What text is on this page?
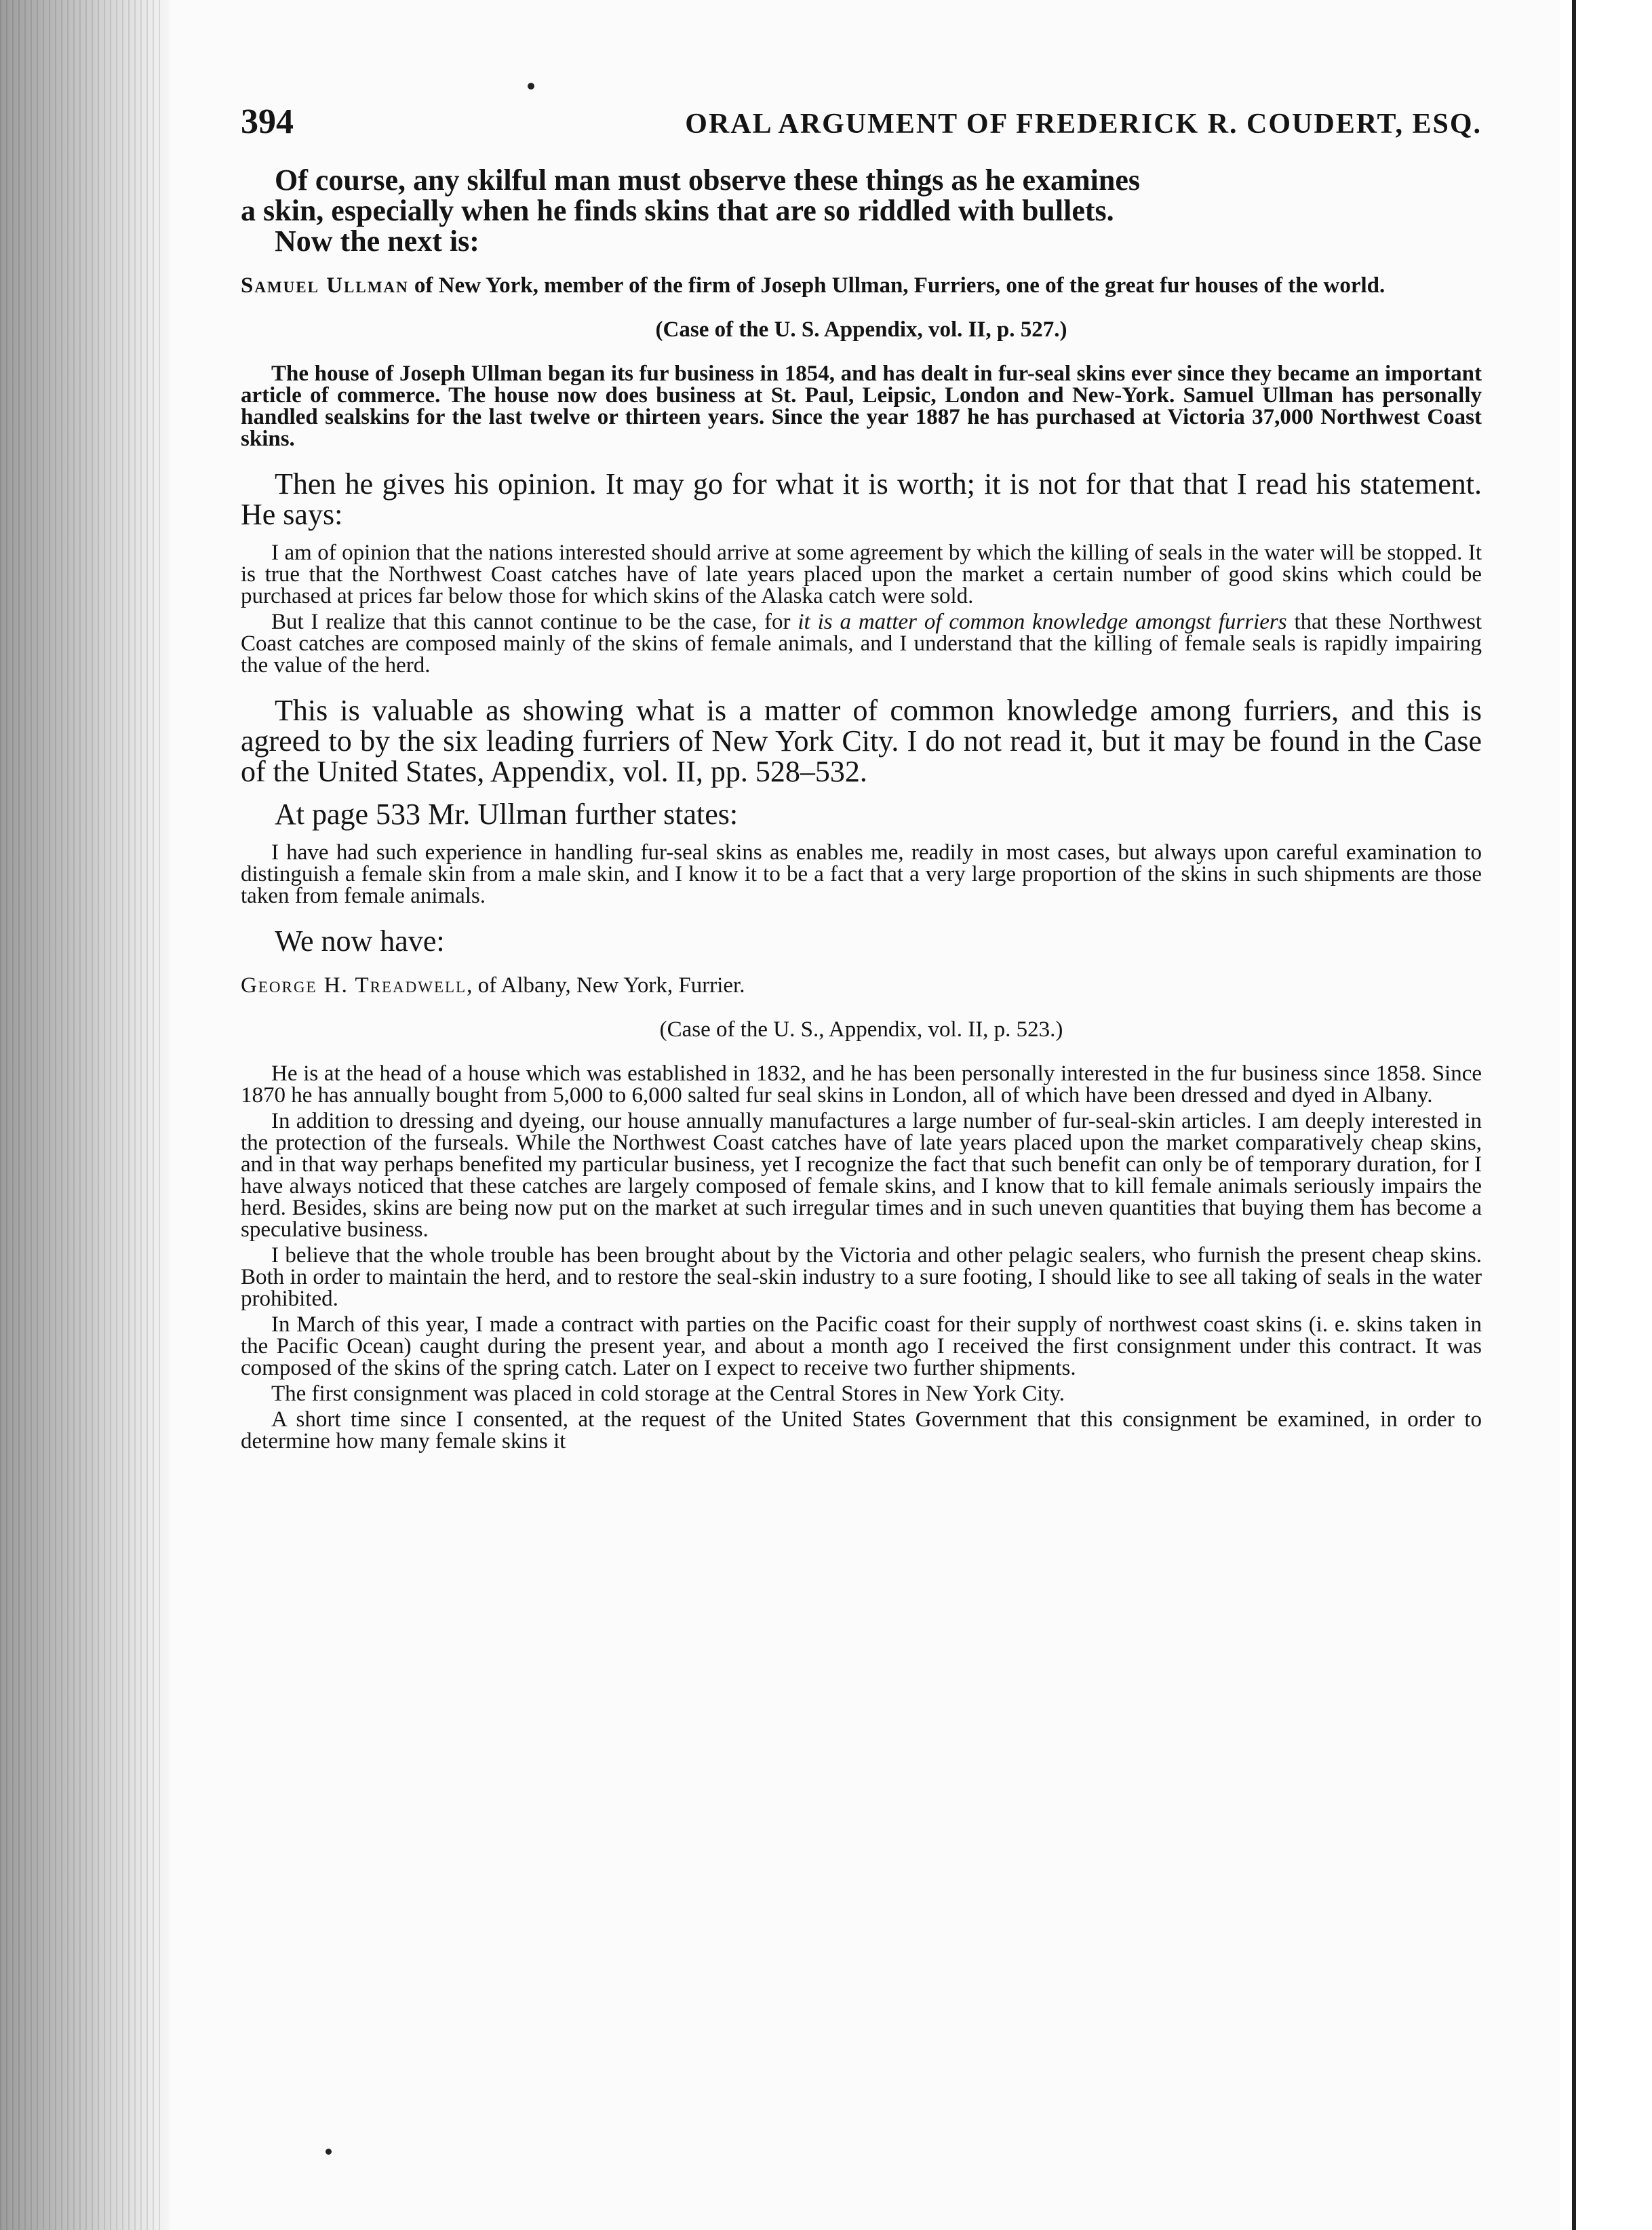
394	ORAL ARGUMENT OF FREDERICK R. COUDERT, ESQ.

Of course, any skilful man must observe these things as he examines
a skin, especially when he finds skins that are so riddled with bullets.
Now the next is:

Samuel Ullman of New York, member of the firm of Joseph Ullman, Furriers, one of the great fur houses of the world.
(Case of the U. S. Appendix, vol. II, p. 527.)

The house of Joseph Ullman began its fur business in 1854, and has dealt in fur-seal skins ever since they became an important article of commerce. The house now does business at St. Paul, Leipsic, London and New-York. Samuel Ullman has personally handled sealskins for the last twelve or thirteen years. Since the year 1887 he has purchased at Victoria 37,000 Northwest Coast skins.

Then he gives his opinion. It may go for what it is worth; it is not for that that I read his statement. He says:

I am of opinion that the nations interested should arrive at some agreement by which the killing of seals in the water will be stopped. It is true that the Northwest Coast catches have of late years placed upon the market a certain number of good skins which could be purchased at prices far below those for which skins of the Alaska catch were sold.

But I realize that this cannot continue to be the case, for it is a matter of common knowledge amongst furriers that these Northwest Coast catches are composed mainly of the skins of female animals, and I understand that the killing of female seals is rapidly impairing the value of the herd.

This is valuable as showing what is a matter of common knowledge among furriers, and this is agreed to by the six leading furriers of New York City. I do not read it, but it may be found in the Case of the United States, Appendix, vol. II, pp. 528–532.

At page 533 Mr. Ullman further states:

I have had such experience in handling fur-seal skins as enables me, readily in most cases, but always upon careful examination to distinguish a female skin from a male skin, and I know it to be a fact that a very large proportion of the skins in such shipments are those taken from female animals.

We now have:

George H. Treadwell, of Albany, New York, Furrier.
(Case of the U. S., Appendix, vol. II, p. 523.)

He is at the head of a house which was established in 1832, and he has been personally interested in the fur business since 1858. Since 1870 he has annually bought from 5,000 to 6,000 salted fur seal skins in London, all of which have been dressed and dyed in Albany.

In addition to dressing and dyeing, our house annually manufactures a large number of fur-seal-skin articles. I am deeply interested in the protection of the furseals. While the Northwest Coast catches have of late years placed upon the market comparatively cheap skins, and in that way perhaps benefited my particular business, yet I recognize the fact that such benefit can only be of temporary duration, for I have always noticed that these catches are largely composed of female skins, and I know that to kill female animals seriously impairs the herd. Besides, skins are being now put on the market at such irregular times and in such uneven quantities that buying them has become a speculative business.

I believe that the whole trouble has been brought about by the Victoria and other pelagic sealers, who furnish the present cheap skins. Both in order to maintain the herd, and to restore the seal-skin industry to a sure footing, I should like to see all taking of seals in the water prohibited.

In March of this year, I made a contract with parties on the Pacific coast for their supply of northwest coast skins (i. e. skins taken in the Pacific Ocean) caught during the present year, and about a month ago I received the first consignment under this contract. It was composed of the skins of the spring catch. Later on I expect to receive two further shipments.

The first consignment was placed in cold storage at the Central Stores in New York City.

A short time since I consented, at the request of the United States Government that this consignment be examined, in order to determine how many female skins it
